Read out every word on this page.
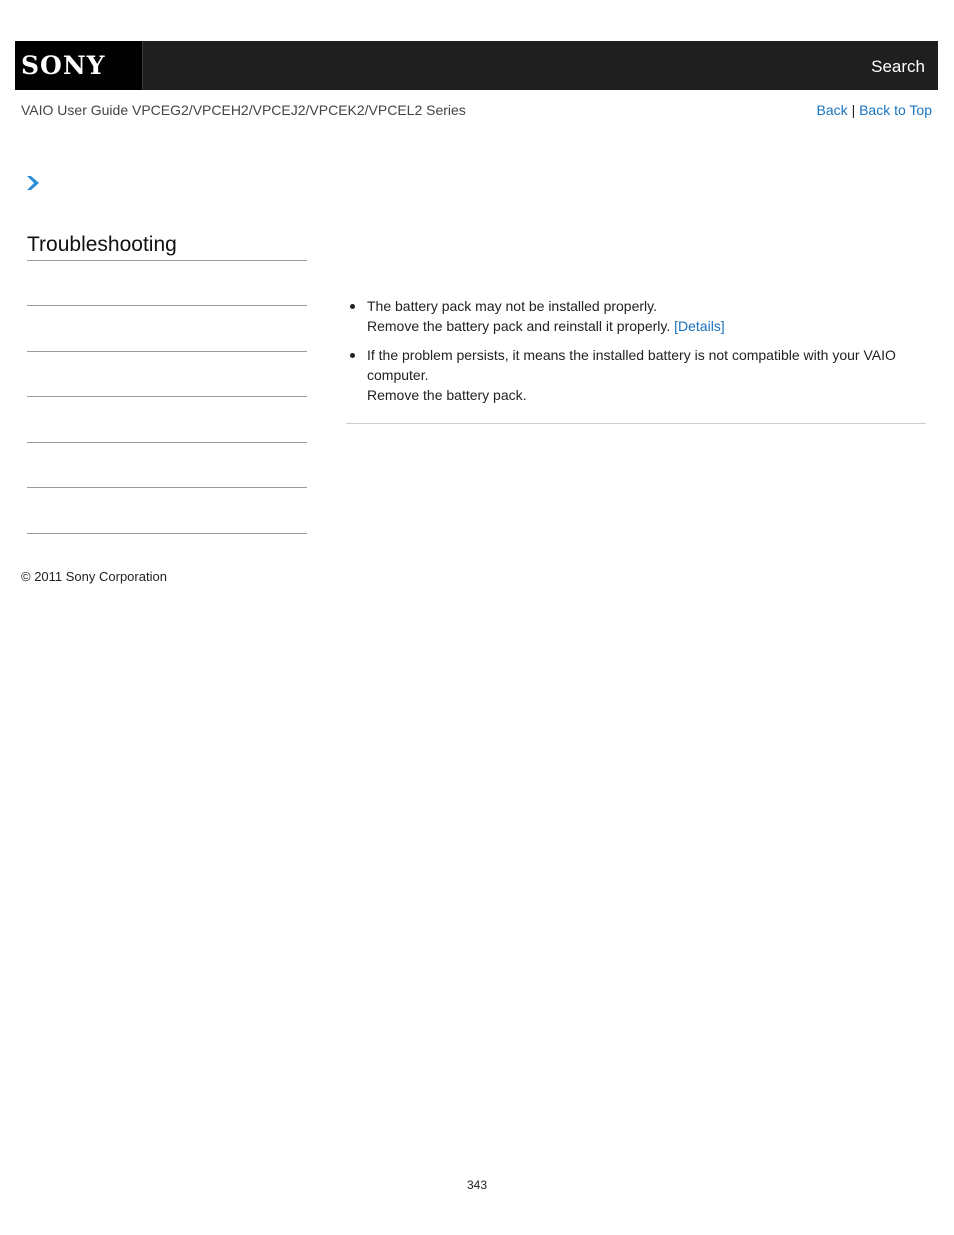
SONY	Search
VAIO User Guide VPCEG2/VPCEH2/VPCEJ2/VPCEK2/VPCEL2 Series	Back | Back to Top
Troubleshooting
The battery pack may not be installed properly.
Remove the battery pack and reinstall it properly. [Details]
If the problem persists, it means the installed battery is not compatible with your VAIO computer.
Remove the battery pack.
© 2011 Sony Corporation
343
